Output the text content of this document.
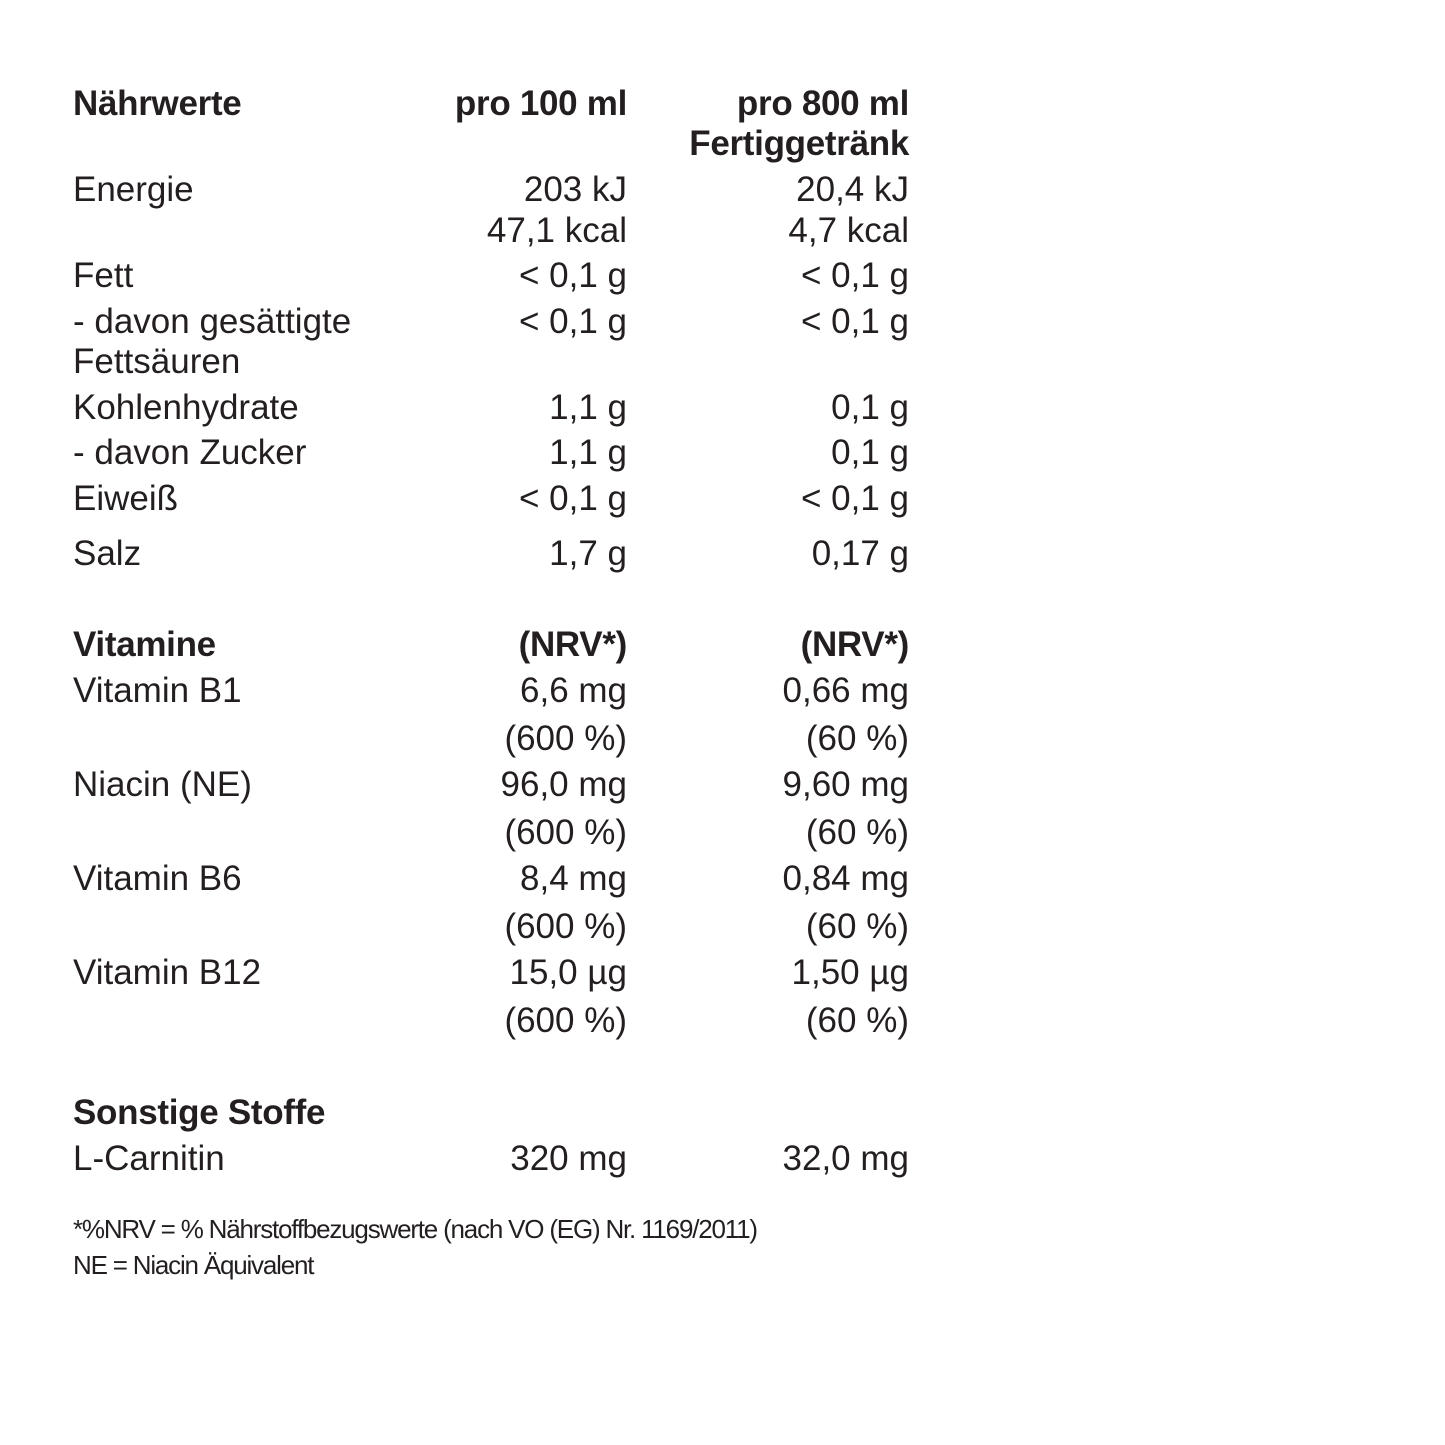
Nährwerte	pro 100 ml	pro 800 ml
Fertiggetränk
Energie	203 kJ	20,4 kJ
47,1 kcal	4,7 kcal
Fett	< 0,1 g	< 0,1 g
- davon gesättigte	< 0,1 g	< 0,1 g
Fettsäuren
Kohlenhydrate	1,1 g	0,1 g
- davon Zucker	1,1 g	0,1 g
Eiweiß	< 0,1 g	< 0,1 g
Salz	1,7 g	0,17 g
Vitamine	(NRV*)	(NRV*)
Vitamin B1	6,6 mg	0,66 mg
(600 %)	(60 %)
Niacin (NE)	96,0 mg	9,60 mg
(600 %)	(60 %)
Vitamin B6	8,4 mg	0,84 mg
(600 %)	(60 %)
Vitamin B12	15,0 µg	1,50 µg
(600 %)	(60 %)
Sonstige Stoffe
L-Carnitin	320 mg	32,0 mg
*%NRV = % Nährstoffbezugswerte (nach VO (EG) Nr. 1169/2011)
NE = Niacin Äquivalent
